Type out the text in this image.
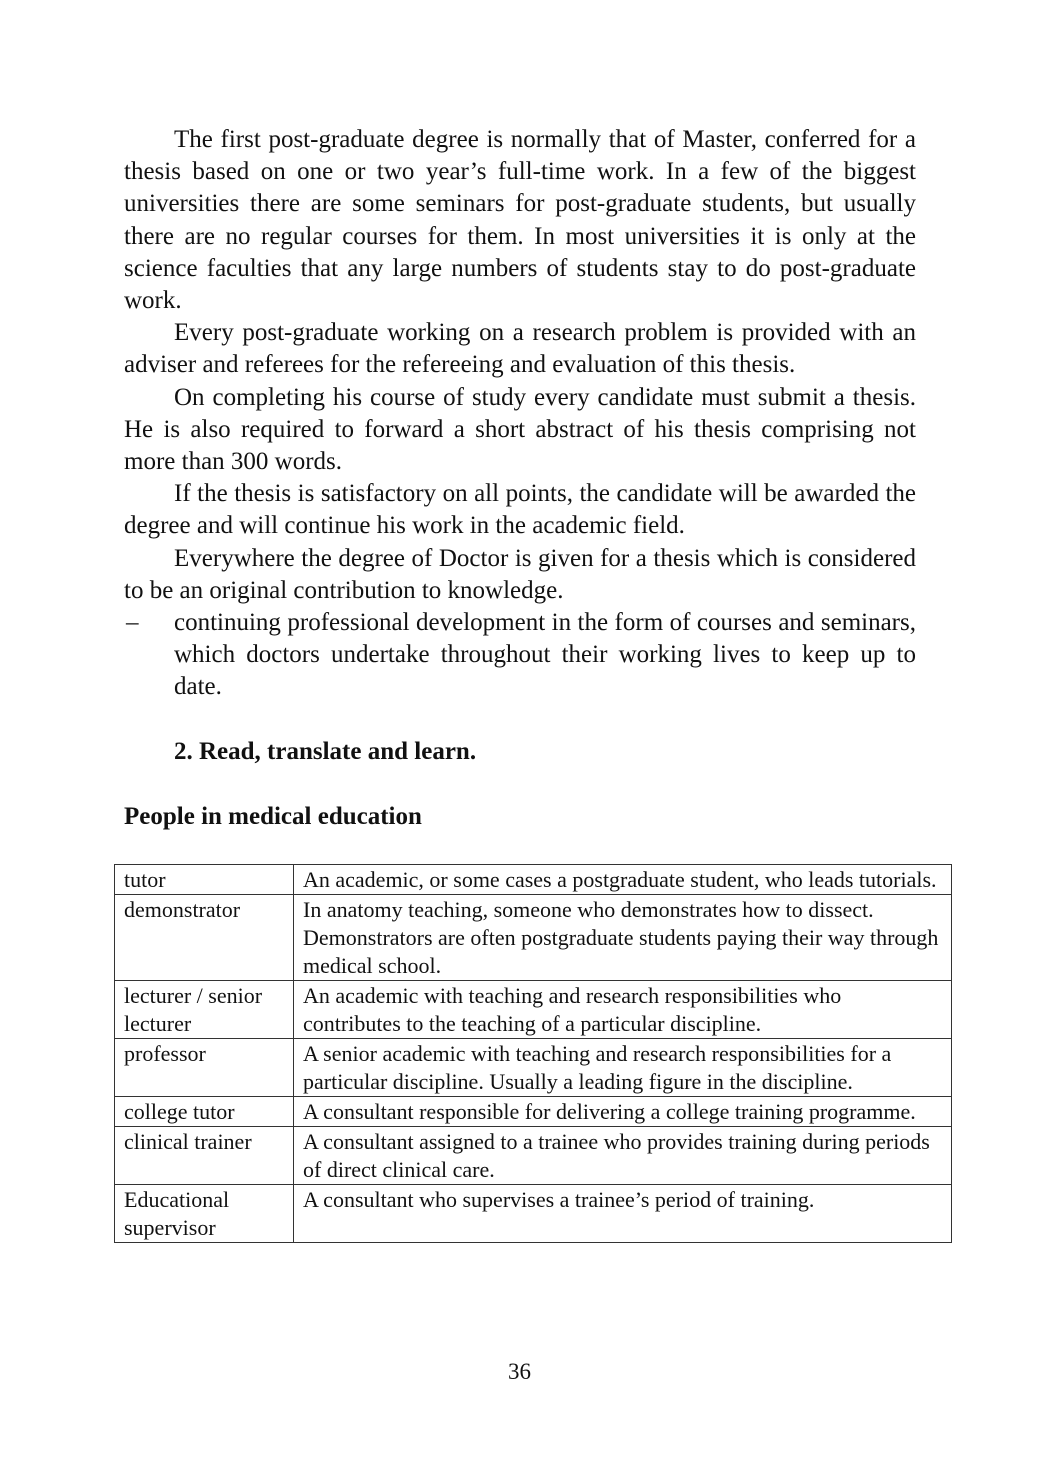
The first post-graduate degree is normally that of Master, conferred for a thesis based on one or two year’s full-time work. In a few of the biggest universities there are some seminars for post-graduate students, but usually there are no regular courses for them. In most universities it is only at the science faculties that any large numbers of students stay to do post-graduate work.

Every post-graduate working on a research problem is provided with an adviser and referees for the refereeing and evaluation of this thesis.

On completing his course of study every candidate must submit a thesis. He is also required to forward a short abstract of his thesis comprising not more than 300 words.

If the thesis is satisfactory on all points, the candidate will be awarded the degree and will continue his work in the academic field.

Everywhere the degree of Doctor is given for a thesis which is considered to be an original contribution to knowledge.

– continuing professional development in the form of courses and seminars, which doctors undertake throughout their working lives to keep up to date.

2. Read, translate and learn.
People in medical education
tutor	An academic, or some cases a postgraduate student, who leads tutorials.
demonstrator	In anatomy teaching, someone who demonstrates how to dissect. Demonstrators are often postgraduate students paying their way through medical school.
lecturer / senior lecturer	An academic with teaching and research responsibilities who contributes to the teaching of a particular discipline.
professor	A senior academic with teaching and research responsibilities for a particular discipline. Usually a leading figure in the discipline.
college tutor	A consultant responsible for delivering a college training programme.
clinical trainer	A consultant assigned to a trainee who provides training during periods of direct clinical care.
Educational supervisor	A consultant who supervises a trainee’s period of training.
36
